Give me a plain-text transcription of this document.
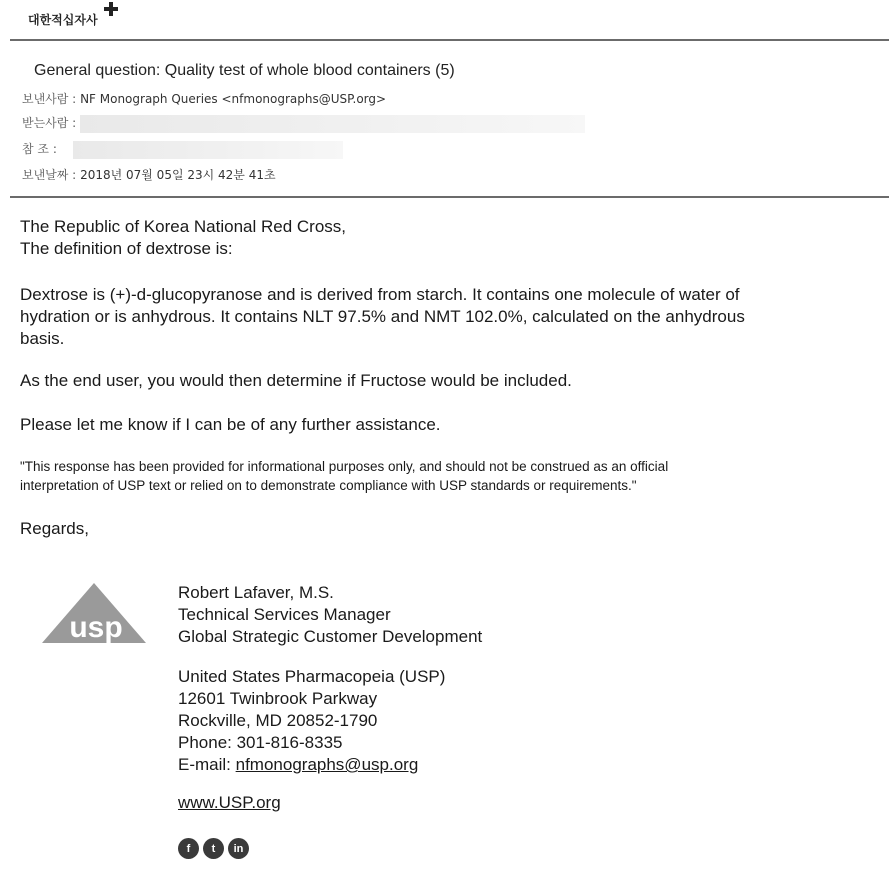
대한적십자사
General question: Quality test of whole blood containers (5)
보낸사람 : NF Monograph Queries <nfmonographs@USP.org>
받는사람 :
참 조 :
보낸날짜 : 2018년 07월 05일 23시 42분 41초

The Republic of Korea National Red Cross,

The definition of dextrose is:

Dextrose is (+)-d-glucopyranose and is derived from starch. It contains one molecule of water of

hydration or is anhydrous. It contains NLT 97.5% and NMT 102.0%, calculated on the anhydrous

basis.

As the end user, you would then determine if Fructose would be included.

Please let me know if I can be of any further assistance.

"This response has been provided for informational purposes only, and should not be construed as an official

interpretation of USP text or relied on to demonstrate compliance with USP standards or requirements."

Regards,

usp
Robert Lafaver, M.S.
Technical Services Manager
Global Strategic Customer Development
United States Pharmacopeia (USP)
12601 Twinbrook Parkway
Rockville, MD 20852-1790
Phone: 301-816-8335
E-mail: nfmonographs@usp.org
www.USP.org
f	t	in
